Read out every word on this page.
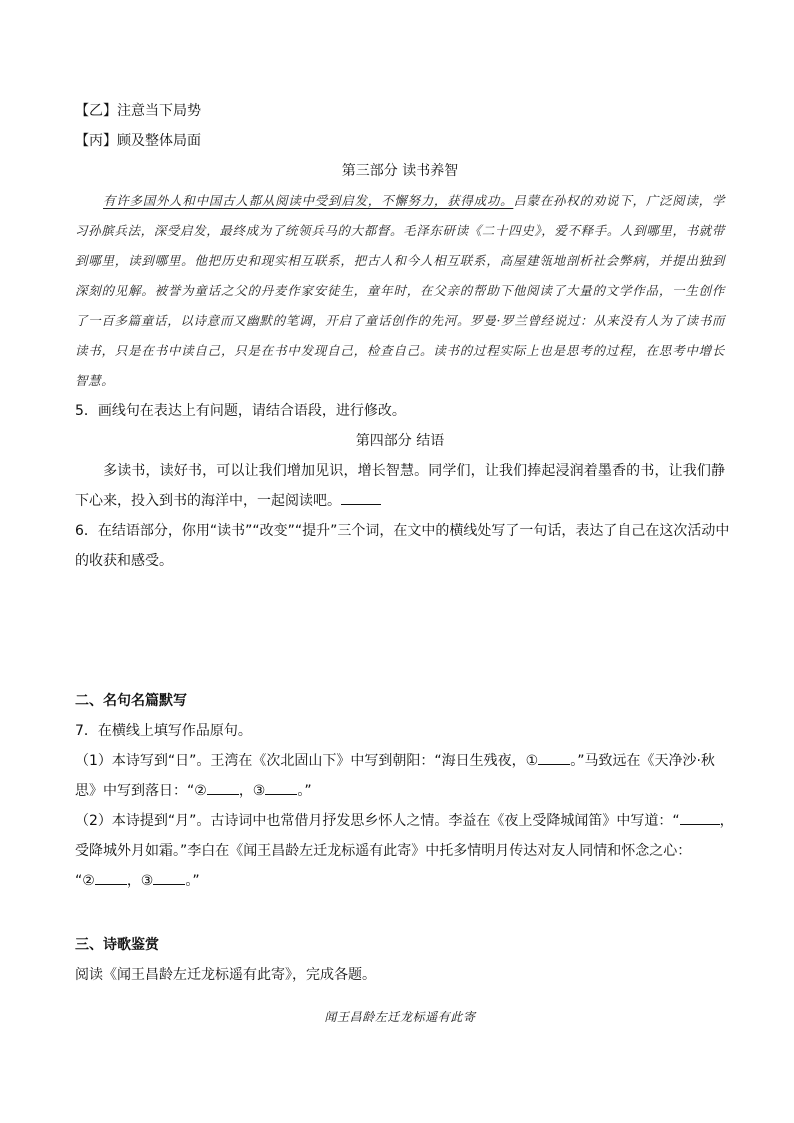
【乙】注意当下局势
【丙】顾及整体局面
第三部分 读书养智

有许多国外人和中国古人都从阅读中受到启发，不懈努力，获得成功。吕蒙在孙权的劝说下，广泛阅读，学习孙膑兵法，深受启发，最终成为了统领兵马的大都督。毛泽东研读《二十四史》，爱不释手。人到哪里，书就带到哪里，读到哪里。他把历史和现实相互联系，把古人和今人相互联系，高屋建瓴地剖析社会弊病，并提出独到深刻的见解。被誉为童话之父的丹麦作家安徒生，童年时，在父亲的帮助下他阅读了大量的文学作品，一生创作了一百多篇童话，以诗意而又幽默的笔调，开启了童话创作的先河。罗曼·罗兰曾经说过：从来没有人为了读书而读书，只是在书中读自己，只是在书中发现自己，检查自己。读书的过程实际上也是思考的过程，在思考中增长智慧。

5．画线句在表达上有问题，请结合语段，进行修改。
第四部分 结语
多读书，读好书，可以让我们增加见识，增长智慧。同学们，让我们捧起浸润着墨香的书，让我们静下心来，投入到书的海洋中，一起阅读吧。
6．在结语部分，你用“读书”“改变”“提升”三个词，在文中的横线处写了一句话，表达了自己在这次活动中
的收获和感受。
二、名句名篇默写
7．在横线上填写作品原句。
（1）本诗写到“日”。王湾在《次北固山下》中写到朝阳：“海日生残夜，① 。”马致远在《天净沙·秋
思》中写到落日：“② ，③ 。”
（2）本诗提到“月”。古诗词中也常借月抒发思乡怀人之情。李益在《夜上受降城闻笛》中写道：“	，
受降城外月如霜。”李白在《闻王昌龄左迁龙标遥有此寄》中托多情明月传达对友人同情和怀念之心：
“② ，③ 。”
三、诗歌鉴赏
阅读《闻王昌龄左迁龙标遥有此寄》，完成各题。
闻王昌龄左迁龙标遥有此寄
